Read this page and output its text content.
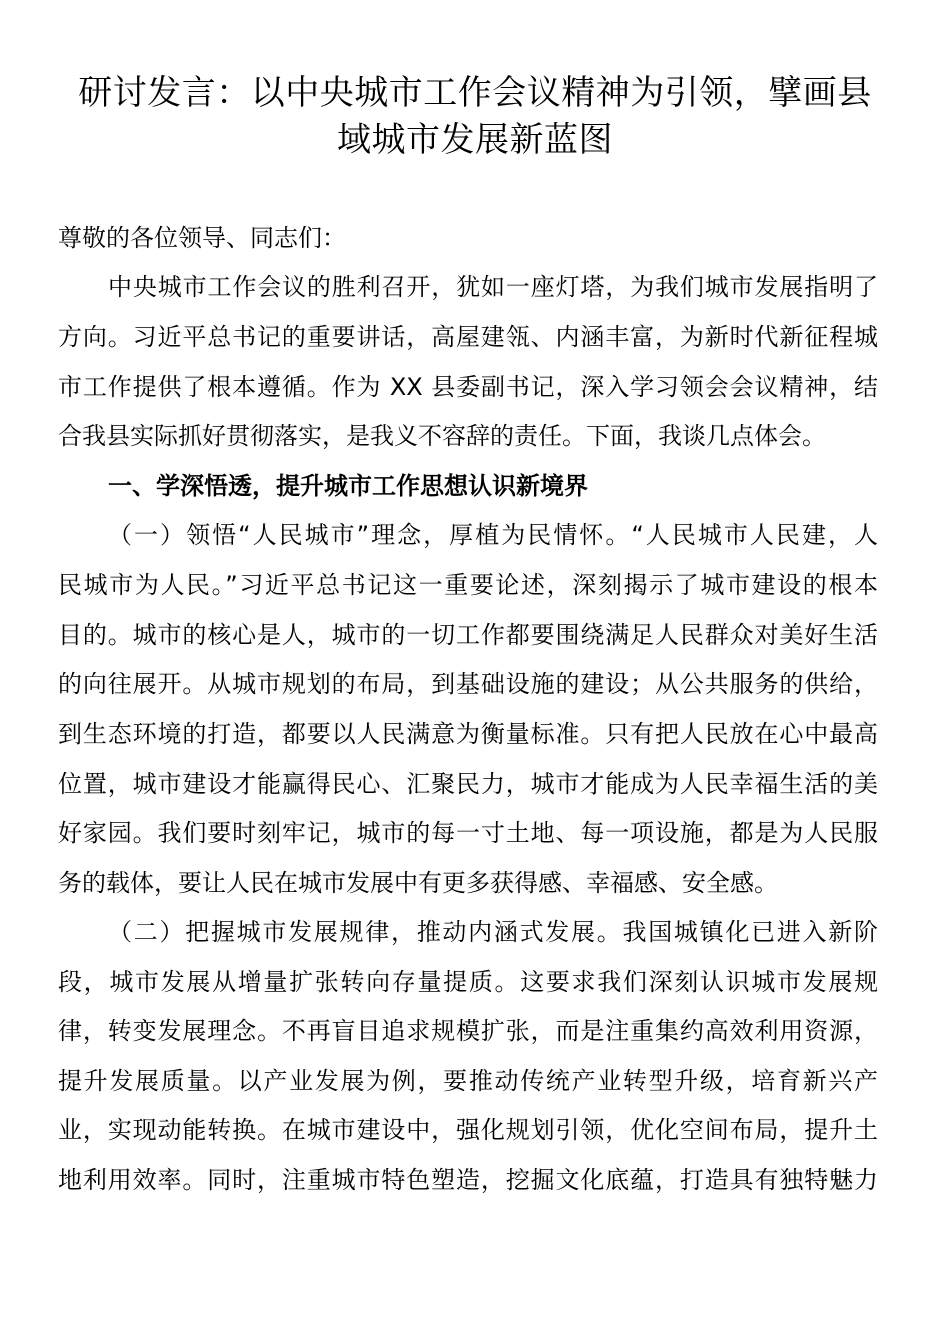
研讨发言：以中央城市工作会议精神为引领，擘画县
域城市发展新蓝图

尊敬的各位领导、同志们：

中央城市工作会议的胜利召开，犹如一座灯塔，为我们城市发展指明了

方向。习近平总书记的重要讲话，高屋建瓴、内涵丰富，为新时代新征程城

市工作提供了根本遵循。作为 XX 县委副书记，深入学习领会会议精神，结

合我县实际抓好贯彻落实，是我义不容辞的责任。下面，我谈几点体会。

一、学深悟透，提升城市工作思想认识新境界

（一）领悟“人民城市”理念，厚植为民情怀。“人民城市人民建，人

民城市为人民。”习近平总书记这一重要论述，深刻揭示了城市建设的根本

目的。城市的核心是人，城市的一切工作都要围绕满足人民群众对美好生活

的向往展开。从城市规划的布局，到基础设施的建设；从公共服务的供给，

到生态环境的打造，都要以人民满意为衡量标准。只有把人民放在心中最高

位置，城市建设才能赢得民心、汇聚民力，城市才能成为人民幸福生活的美

好家园。我们要时刻牢记，城市的每一寸土地、每一项设施，都是为人民服

务的载体，要让人民在城市发展中有更多获得感、幸福感、安全感。

（二）把握城市发展规律，推动内涵式发展。我国城镇化已进入新阶

段，城市发展从增量扩张转向存量提质。这要求我们深刻认识城市发展规

律，转变发展理念。不再盲目追求规模扩张，而是注重集约高效利用资源，

提升发展质量。以产业发展为例，要推动传统产业转型升级，培育新兴产

业，实现动能转换。在城市建设中，强化规划引领，优化空间布局，提升土

地利用效率。同时，注重城市特色塑造，挖掘文化底蕴，打造具有独特魅力
